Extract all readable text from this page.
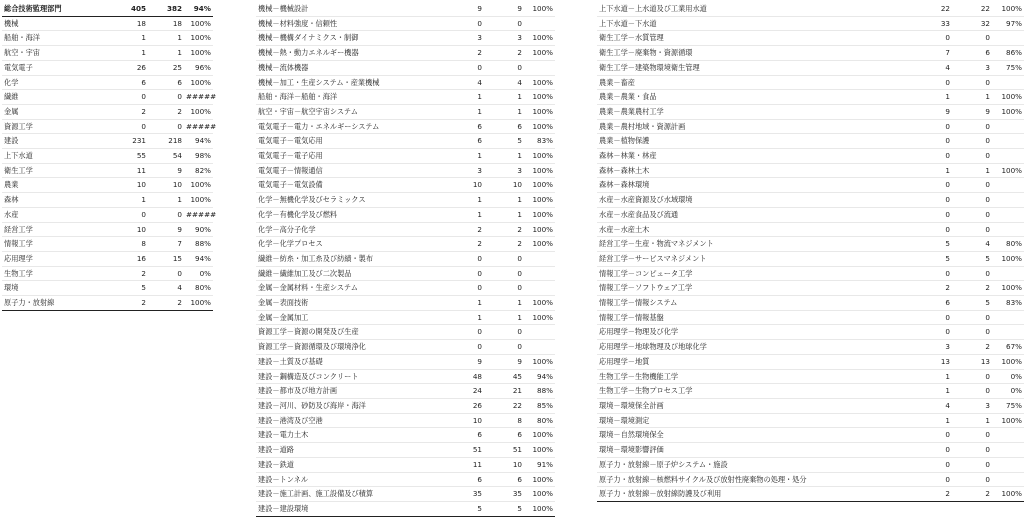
総合技術監理部門	405	382	94%
機械	18	18	100%
船舶・海洋	1	1	100%
航空・宇宙	1	1	100%
電気電子	26	25	96%
化学	6	6	100%
繊維	0	0	#####
金属	2	2	100%
資源工学	0	0	#####
建設	231	218	94%
上下水道	55	54	98%
衛生工学	11	9	82%
農業	10	10	100%
森林	1	1	100%
水産	0	0	#####
経営工学	10	9	90%
情報工学	8	7	88%
応用理学	16	15	94%
生物工学	2	0	0%
環境	5	4	80%
原子力・放射線	2	2	100%
機械－機械設計	9	9	100%
機械－材料強度・信頼性	0	0	
機械－機構ダイナミクス・制御	3	3	100%
機械－熱・動力エネルギー機器	2	2	100%
機械－流体機器	0	0	
機械－加工・生産システム・産業機械	4	4	100%
船舶・海洋－船舶・海洋	1	1	100%
航空・宇宙－航空宇宙システム	1	1	100%
電気電子－電力・エネルギーシステム	6	6	100%
電気電子－電気応用	6	5	83%
電気電子－電子応用	1	1	100%
電気電子－情報通信	3	3	100%
電気電子－電気設備	10	10	100%
化学－無機化学及びセラミックス	1	1	100%
化学－有機化学及び燃料	1	1	100%
化学－高分子化学	2	2	100%
化学－化学プロセス	2	2	100%
繊維－紡糸・加工糸及び紡績・製布	0	0	
繊維－繊維加工及び二次製品	0	0	
金属－金属材料・生産システム	0	0	
金属－表面技術	1	1	100%
金属－金属加工	1	1	100%
資源工学－資源の開発及び生産	0	0	
資源工学－資源循環及び環境浄化	0	0	
建設－土質及び基礎	9	9	100%
建設－鋼構造及びコンクリート	48	45	94%
建設－都市及び地方計画	24	21	88%
建設－河川、砂防及び海岸・海洋	26	22	85%
建設－港湾及び空港	10	8	80%
建設－電力土木	6	6	100%
建設－道路	51	51	100%
建設－鉄道	11	10	91%
建設－トンネル	6	6	100%
建設－施工計画、施工設備及び積算	35	35	100%
建設－建設環境	5	5	100%
上下水道－上水道及び工業用水道	22	22	100%
上下水道－下水道	33	32	97%
衛生工学－水質管理	0	0	
衛生工学－廃棄物・資源循環	7	6	86%
衛生工学－建築物環境衛生管理	4	3	75%
農業－畜産	0	0	
農業－農業・食品	1	1	100%
農業－農業農村工学	9	9	100%
農業－農村地域・資源計画	0	0	
農業－植物保護	0	0	
森林－林業・林産	0	0	
森林－森林土木	1	1	100%
森林－森林環境	0	0	
水産－水産資源及び水域環境	0	0	
水産－水産食品及び流通	0	0	
水産－水産土木	0	0	
経営工学－生産・物流マネジメント	5	4	80%
経営工学－サービスマネジメント	5	5	100%
情報工学－コンピュータ工学	0	0	
情報工学－ソフトウェア工学	2	2	100%
情報工学－情報システム	6	5	83%
情報工学－情報基盤	0	0	
応用理学－物理及び化学	0	0	
応用理学－地球物理及び地球化学	3	2	67%
応用理学－地質	13	13	100%
生物工学－生物機能工学	1	0	0%
生物工学－生物プロセス工学	1	0	0%
環境－環境保全計画	4	3	75%
環境－環境測定	1	1	100%
環境－自然環境保全	0	0	
環境－環境影響評価	0	0	
原子力・放射線－原子炉システム・施設	0	0	
原子力・放射線－核燃料サイクル及び放射性廃棄物の処理・処分	0	0	
原子力・放射線－放射線防護及び利用	2	2	100%
